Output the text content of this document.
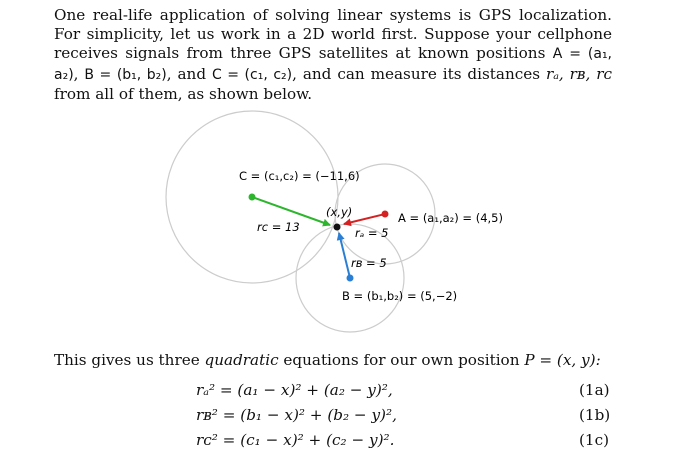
One real-life application of solving linear systems is GPS localization. For simplicity, let us work in a 2D world first. Suppose your cellphone receives signals from three GPS satellites at known positions A = (a₁, a₂), B = (b₁, b₂), and C = (c₁, c₂), and can measure its distances rₐ, rʙ, rᴄ from all of them, as shown below.
C = (c₁,c₂) = (−11,6)
A = (a₁,a₂) = (4,5)
B = (b₁,b₂) = (5,−2)
(x,y)
rᴄ = 13	rₐ = 5
rʙ = 5
This gives us three quadratic equations for our own position P = (x, y):
rₐ² = (a₁ − x)² + (a₂ − y)²,	(1a)
rʙ² = (b₁ − x)² + (b₂ − y)²,	(1b)
rᴄ² = (c₁ − x)² + (c₂ − y)².	(1c)
